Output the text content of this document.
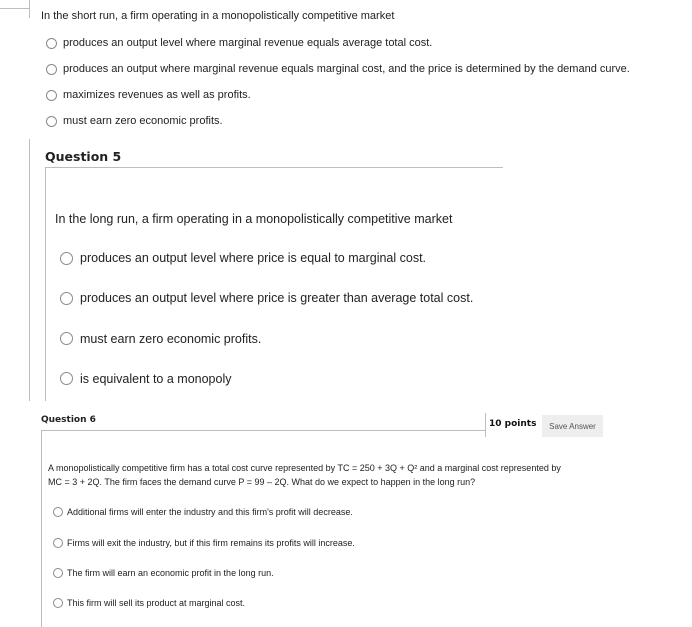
In the short run, a firm operating in a monopolistically competitive market
produces an output level where marginal revenue equals average total cost.
produces an output where marginal revenue equals marginal cost, and the price is determined by the demand curve.
maximizes revenues as well as profits.
must earn zero economic profits.
Question 5
In the long run, a firm operating in a monopolistically competitive market
produces an output level where price is equal to marginal cost.
produces an output level where price is greater than average total cost.
must earn zero economic profits.
is equivalent to a monopoly
Question 6	10 points	Save Answer
A monopolistically competitive firm has a total cost curve represented by TC = 250 + 3Q + Q² and a marginal cost represented by
MC = 3 + 2Q. The firm faces the demand curve P = 99 – 2Q. What do we expect to happen in the long run?
Additional firms will enter the industry and this firm's profit will decrease.
Firms will exit the industry, but if this firm remains its profits will increase.
The firm will earn an economic profit in the long run.
This firm will sell its product at marginal cost.
